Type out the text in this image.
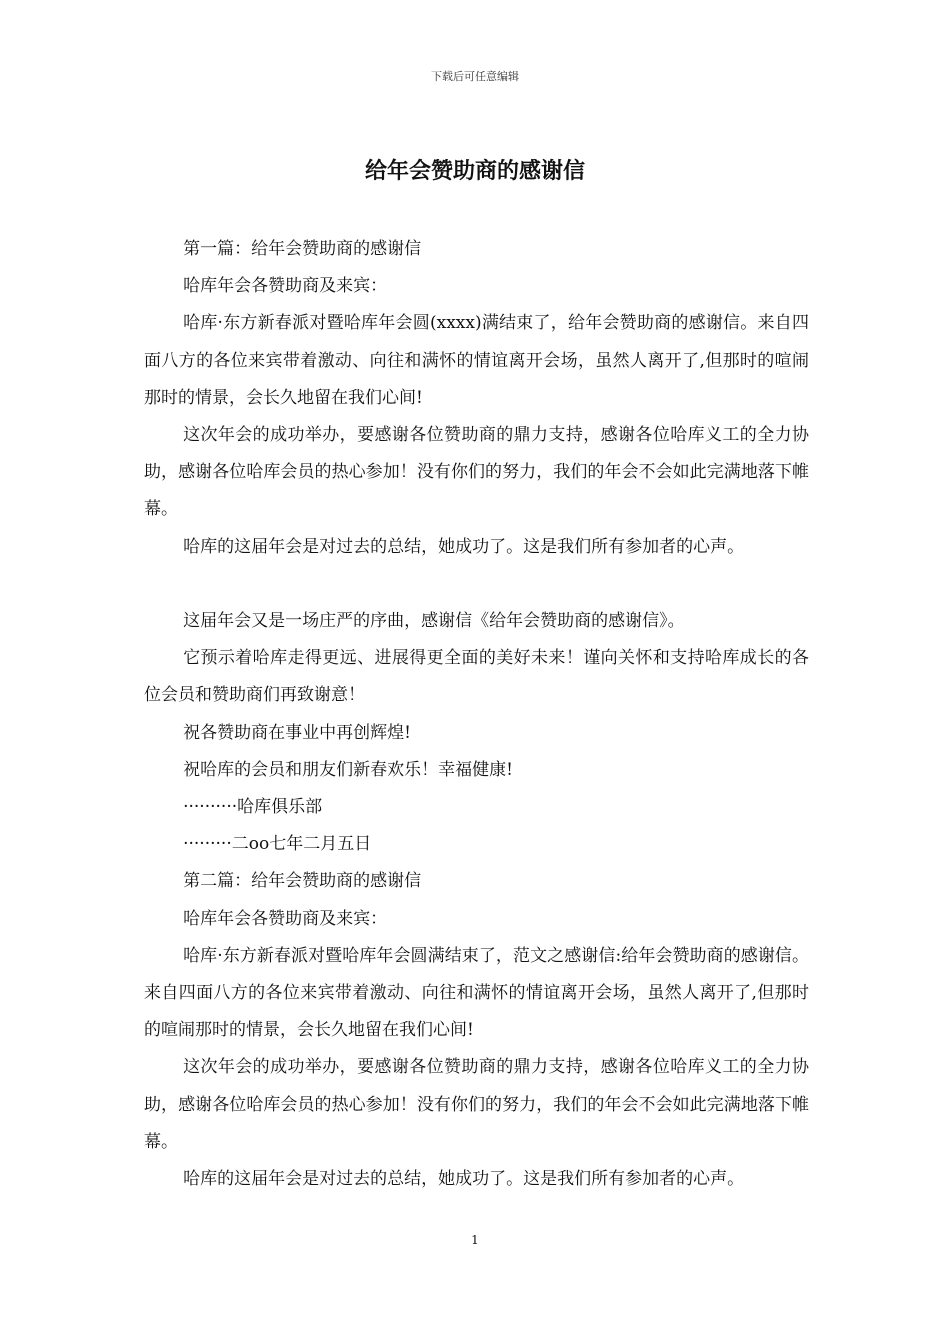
下载后可任意编辑
给年会赞助商的感谢信

第一篇：给年会赞助商的感谢信

哈库年会各赞助商及来宾：

哈库·东方新春派对暨哈库年会圆(xxxx)满结束了，给年会赞助商的感谢信。来自四面八方的各位来宾带着激动、向往和满怀的情谊离开会场，虽然人离开了,但那时的喧闹那时的情景，会长久地留在我们心间!

这次年会的成功举办，要感谢各位赞助商的鼎力支持，感谢各位哈库义工的全力协助，感谢各位哈库会员的热心参加！没有你们的努力，我们的年会不会如此完满地落下帷幕。

哈库的这届年会是对过去的总结，她成功了。这是我们所有参加者的心声。

这届年会又是一场庄严的序曲，感谢信《给年会赞助商的感谢信》。

它预示着哈库走得更远、进展得更全面的美好未来！谨向关怀和支持哈库成长的各位会员和赞助商们再致谢意！

祝各赞助商在事业中再创辉煌!

祝哈库的会员和朋友们新春欢乐！幸福健康!

··········哈库俱乐部

·········二oo七年二月五日

第二篇：给年会赞助商的感谢信

哈库年会各赞助商及来宾：

哈库·东方新春派对暨哈库年会圆满结束了，范文之感谢信:给年会赞助商的感谢信。来自四面八方的各位来宾带着激动、向往和满怀的情谊离开会场，虽然人离开了,但那时的喧闹那时的情景，会长久地留在我们心间!

这次年会的成功举办，要感谢各位赞助商的鼎力支持，感谢各位哈库义工的全力协助，感谢各位哈库会员的热心参加！没有你们的努力，我们的年会不会如此完满地落下帷幕。

哈库的这届年会是对过去的总结，她成功了。这是我们所有参加者的心声。

1
